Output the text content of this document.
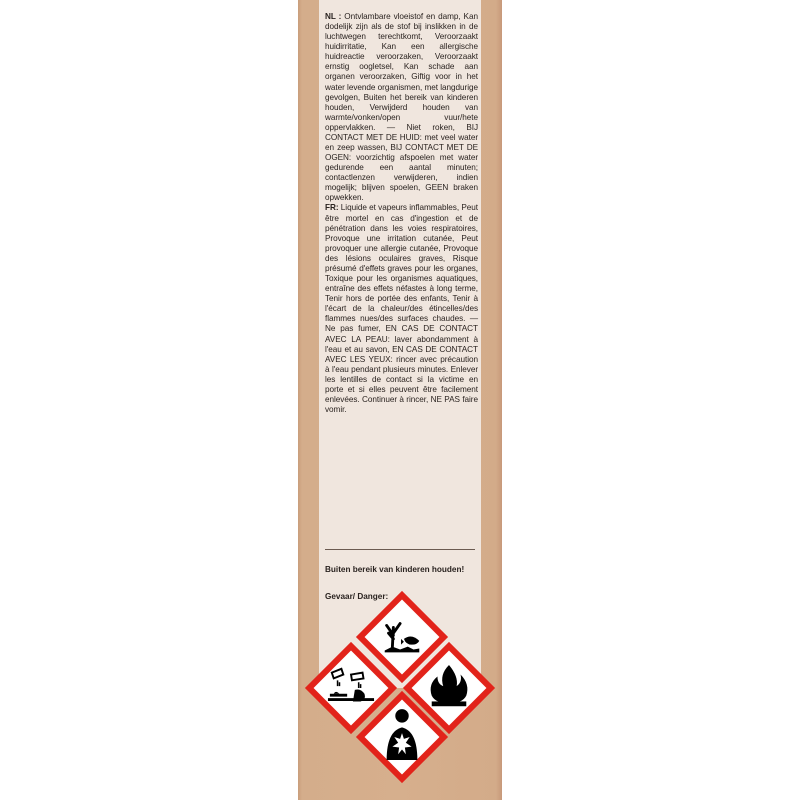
NL : Ontvlambare vloeistof en damp, Kan dodelijk zijn als de stof bij inslikken in de luchtwegen terechtkomt, Veroorzaakt huidirritatie, Kan een allergische huidreactie veroorzaken, Veroorzaakt ernstig oogletsel, Kan schade aan organen veroorzaken, Giftig voor in het water levende organismen, met langdurige gevolgen, Buiten het bereik van kinderen houden, Verwijderd houden van warmte/vonken/open vuur/hete oppervlakken. — Niet roken, BIJ CONTACT MET DE HUID: met veel water en zeep wassen, BIJ CONTACT MET DE OGEN: voorzichtig afspoelen met water gedurende een aantal minuten; contactlenzen verwijderen, indien mogelijk; blijven spoelen, GEEN braken opwekken.

FR: Liquide et vapeurs inflammables, Peut être mortel en cas d'ingestion et de pénétration dans les voies respiratoires, Provoque une irritation cutanée, Peut provoquer une allergie cutanée, Provoque des lésions oculaires graves, Risque présumé d'effets graves pour les organes, Toxique pour les organismes aquatiques, entraîne des effets néfastes à long terme, Tenir hors de portée des enfants, Tenir à l'écart de la chaleur/des étincelles/des flammes nues/des surfaces chaudes. — Ne pas fumer, EN CAS DE CONTACT AVEC LA PEAU: laver abondamment à l'eau et au savon, EN CAS DE CONTACT AVEC LES YEUX: rincer avec précaution à l'eau pendant plusieurs minutes. Enlever les lentilles de contact si la victime en porte et si elles peuvent être facilement enlevées. Continuer à rincer, NE PAS faire vomir.

Buiten bereik van kinderen houden!
Gevaar/ Danger:
